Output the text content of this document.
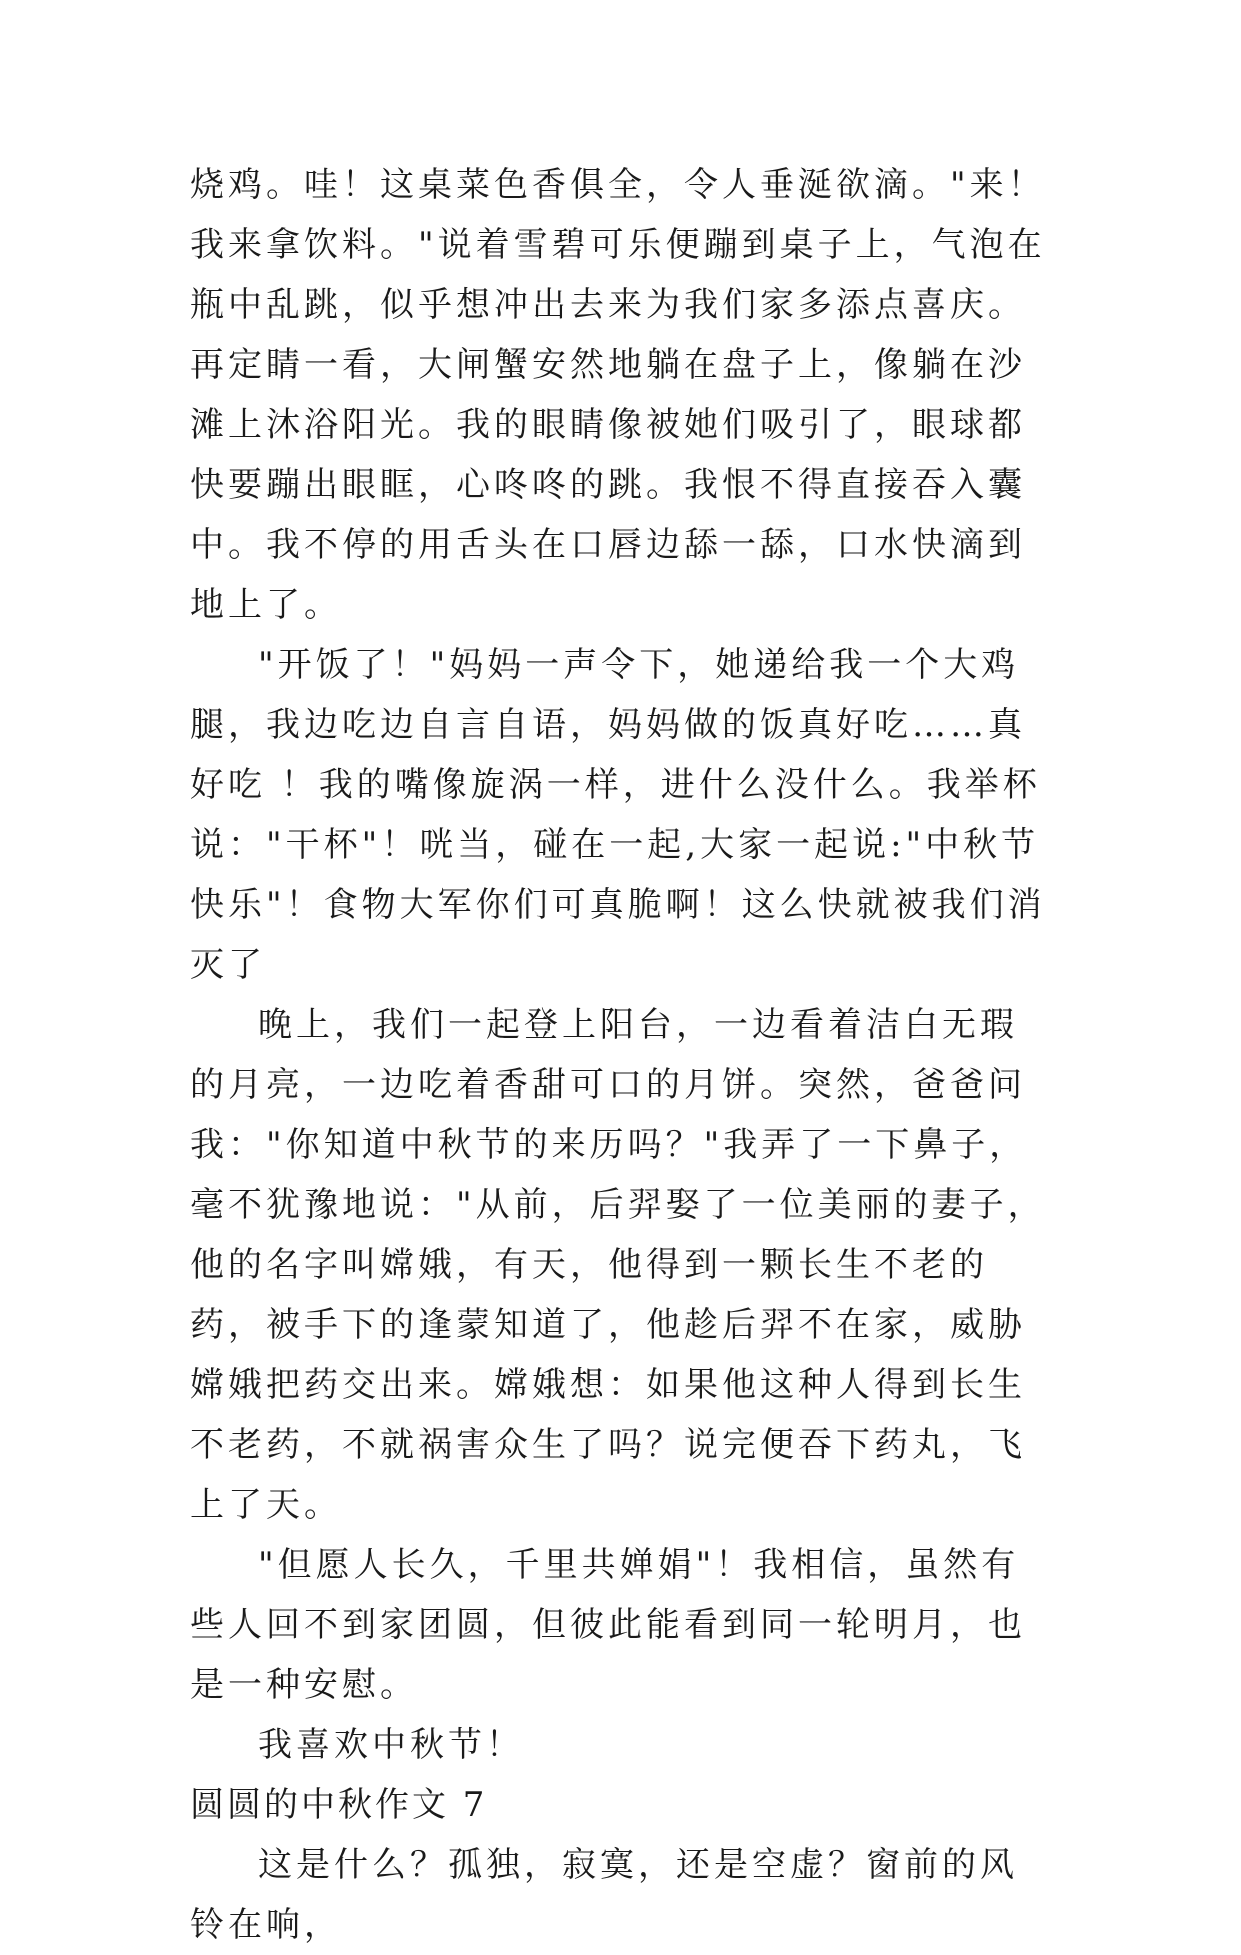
烧鸡。哇！这桌菜色香俱全，令人垂涎欲滴。"来！我来拿饮料。"说着雪碧可乐便蹦到桌子上，气泡在瓶中乱跳，似乎想冲出去来为我们家多添点喜庆。再定睛一看，大闸蟹安然地躺在盘子上，像躺在沙滩上沐浴阳光。我的眼睛像被她们吸引了，眼球都快要蹦出眼眶，心咚咚的跳。我恨不得直接吞入囊中。我不停的用舌头在口唇边舔一舔，口水快滴到地上了。

"开饭了！"妈妈一声令下，她递给我一个大鸡腿，我边吃边自言自语，妈妈做的饭真好吃……真好吃 ！我的嘴像旋涡一样，进什么没什么。我举杯说："干杯"！咣当，碰在一起,大家一起说:"中秋节快乐"！食物大军你们可真脆啊！这么快就被我们消灭了

晚上，我们一起登上阳台，一边看着洁白无瑕的月亮，一边吃着香甜可口的月饼。突然，爸爸问我："你知道中秋节的来历吗？"我弄了一下鼻子，毫不犹豫地说："从前，后羿娶了一位美丽的妻子，他的名字叫嫦娥，有天，他得到一颗长生不老的药，被手下的逢蒙知道了，他趁后羿不在家，威胁嫦娥把药交出来。嫦娥想：如果他这种人得到长生不老药，不就祸害众生了吗？说完便吞下药丸，飞上了天。

"但愿人长久，千里共婵娟"！我相信，虽然有些人回不到家团圆，但彼此能看到同一轮明月，也是一种安慰。

我喜欢中秋节！

圆圆的中秋作文 7

这是什么？孤独，寂寞，还是空虚？窗前的风铃在响，
